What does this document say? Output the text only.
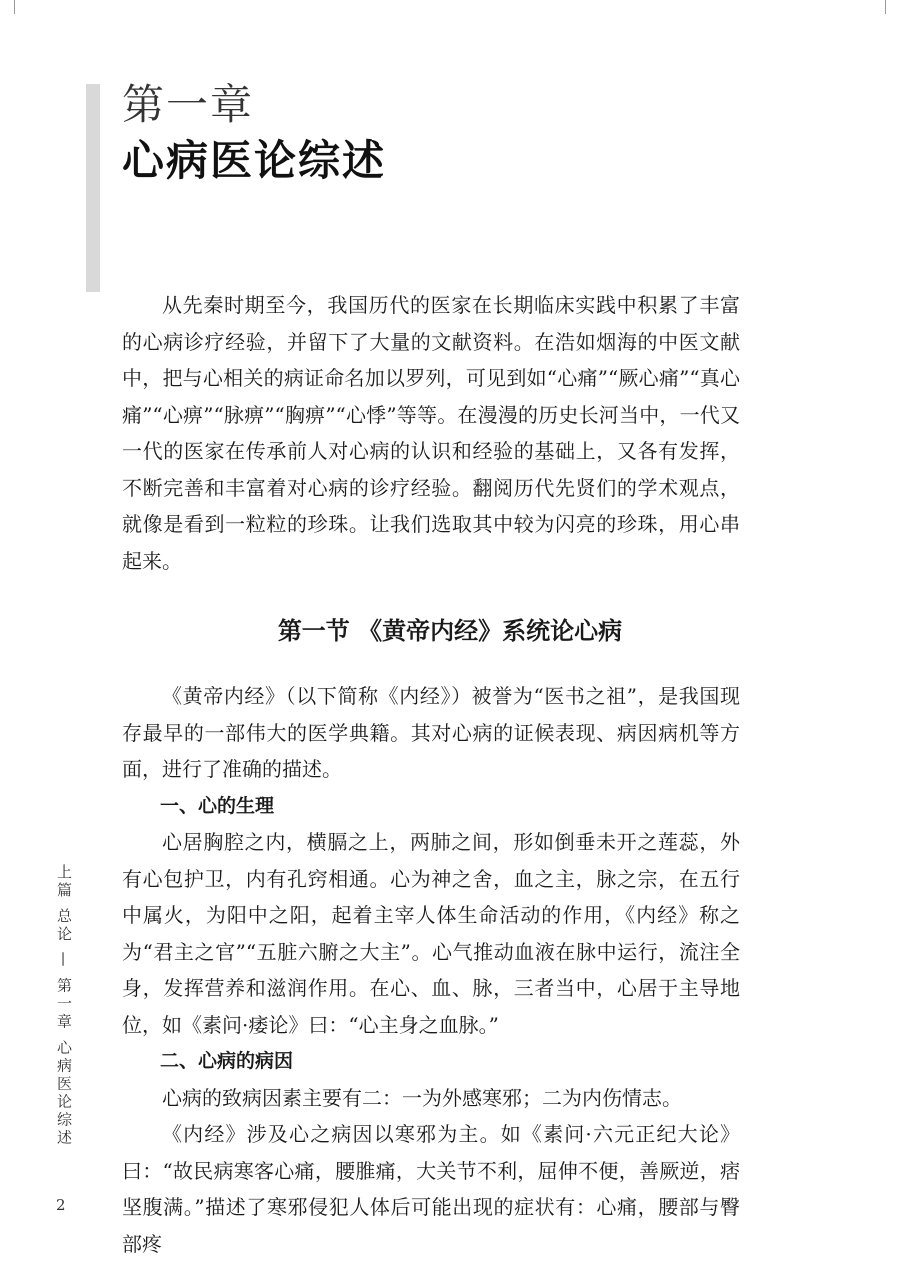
第一章
心病医论综述

从先秦时期至今，我国历代的医家在长期临床实践中积累了丰富的心病诊疗经验，并留下了大量的文献资料。在浩如烟海的中医文献中，把与心相关的病证命名加以罗列，可见到如“心痛”“厥心痛”“真心痛”“心痹”“脉痹”“胸痹”“心悸”等等。在漫漫的历史长河当中，一代又一代的医家在传承前人对心病的认识和经验的基础上，又各有发挥，不断完善和丰富着对心病的诊疗经验。翻阅历代先贤们的学术观点，就像是看到一粒粒的珍珠。让我们选取其中较为闪亮的珍珠，用心串起来。

第一节 《黄帝内经》系统论心病

《黄帝内经》（以下简称《内经》）被誉为“医书之祖”，是我国现存最早的一部伟大的医学典籍。其对心病的证候表现、病因病机等方面，进行了准确的描述。

一、心的生理

心居胸腔之内，横膈之上，两肺之间，形如倒垂未开之莲蕊，外有心包护卫，内有孔窍相通。心为神之舍，血之主，脉之宗，在五行中属火，为阳中之阳，起着主宰人体生命活动的作用，《内经》称之为“君主之官”“五脏六腑之大主”。心气推动血液在脉中运行，流注全身，发挥营养和滋润作用。在心、血、脉，三者当中，心居于主导地位，如《素问·痿论》曰：“心主身之血脉。”

二、心病的病因

心病的致病因素主要有二：一为外感寒邪；二为内伤情志。

《内经》涉及心之病因以寒邪为主。如《素问·六元正纪大论》曰：“故民病寒客心痛，腰脽痛，大关节不利，屈伸不便，善厥逆，痞坚腹满。”描述了寒邪侵犯人体后可能出现的症状有：心痛，腰部与臀部疼

上篇 总论 — 第一章 心病医论综述
2
